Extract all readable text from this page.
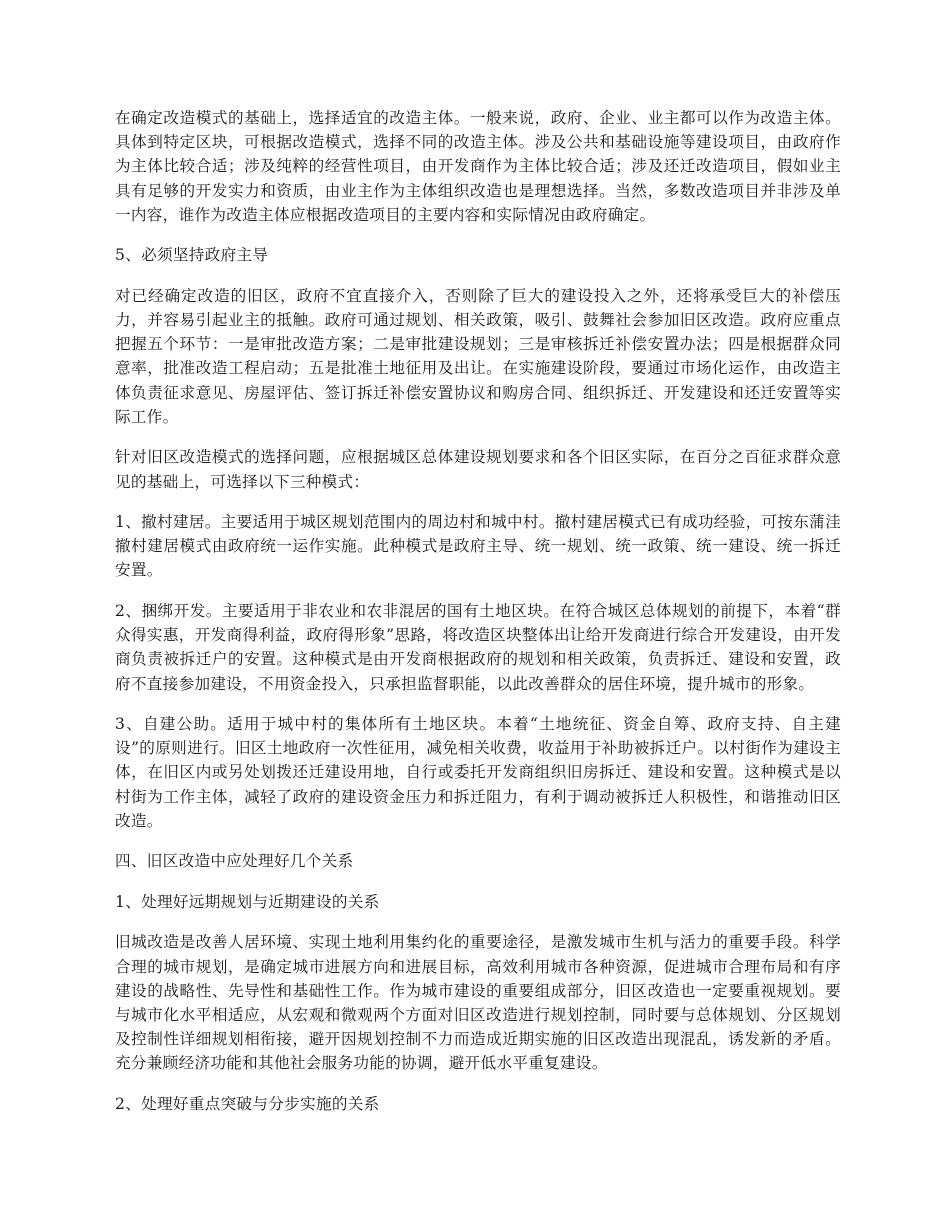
在确定改造模式的基础上，选择适宜的改造主体。一般来说，政府、企业、业主都可以作为改造主体。具体到特定区块，可根据改造模式，选择不同的改造主体。涉及公共和基础设施等建设项目，由政府作为主体比较合适；涉及纯粹的经营性项目，由开发商作为主体比较合适；涉及还迁改造项目，假如业主具有足够的开发实力和资质，由业主作为主体组织改造也是理想选择。当然，多数改造项目并非涉及单一内容，谁作为改造主体应根据改造项目的主要内容和实际情况由政府确定。

5、必须坚持政府主导

对已经确定改造的旧区，政府不宜直接介入，否则除了巨大的建设投入之外，还将承受巨大的补偿压力，并容易引起业主的抵触。政府可通过规划、相关政策，吸引、鼓舞社会参加旧区改造。政府应重点把握五个环节：一是审批改造方案；二是审批建设规划；三是审核拆迁补偿安置办法；四是根据群众同意率，批准改造工程启动；五是批准土地征用及出让。在实施建设阶段，要通过市场化运作，由改造主体负责征求意见、房屋评估、签订拆迁补偿安置协议和购房合同、组织拆迁、开发建设和还迁安置等实际工作。

针对旧区改造模式的选择问题，应根据城区总体建设规划要求和各个旧区实际，在百分之百征求群众意见的基础上，可选择以下三种模式：

1、撤村建居。主要适用于城区规划范围内的周边村和城中村。撤村建居模式已有成功经验，可按东蒲洼撤村建居模式由政府统一运作实施。此种模式是政府主导、统一规划、统一政策、统一建设、统一拆迁安置。

2、捆绑开发。主要适用于非农业和农非混居的国有土地区块。在符合城区总体规划的前提下，本着“群众得实惠，开发商得利益，政府得形象”思路，将改造区块整体出让给开发商进行综合开发建设，由开发商负责被拆迁户的安置。这种模式是由开发商根据政府的规划和相关政策，负责拆迁、建设和安置，政府不直接参加建设，不用资金投入，只承担监督职能，以此改善群众的居住环境，提升城市的形象。

3、自建公助。适用于城中村的集体所有土地区块。本着“土地统征、资金自筹、政府支持、自主建设”的原则进行。旧区土地政府一次性征用，减免相关收费，收益用于补助被拆迁户。以村街作为建设主体，在旧区内或另处划拨还迁建设用地，自行或委托开发商组织旧房拆迁、建设和安置。这种模式是以村街为工作主体，减轻了政府的建设资金压力和拆迁阻力，有利于调动被拆迁人积极性，和谐推动旧区改造。

四、旧区改造中应处理好几个关系

1、处理好远期规划与近期建设的关系

旧城改造是改善人居环境、实现土地利用集约化的重要途径，是激发城市生机与活力的重要手段。科学合理的城市规划，是确定城市进展方向和进展目标，高效利用城市各种资源，促进城市合理布局和有序建设的战略性、先导性和基础性工作。作为城市建设的重要组成部分，旧区改造也一定要重视规划。要与城市化水平相适应，从宏观和微观两个方面对旧区改造进行规划控制，同时要与总体规划、分区规划及控制性详细规划相衔接，避开因规划控制不力而造成近期实施的旧区改造出现混乱，诱发新的矛盾。充分兼顾经济功能和其他社会服务功能的协调，避开低水平重复建设。

2、处理好重点突破与分步实施的关系
